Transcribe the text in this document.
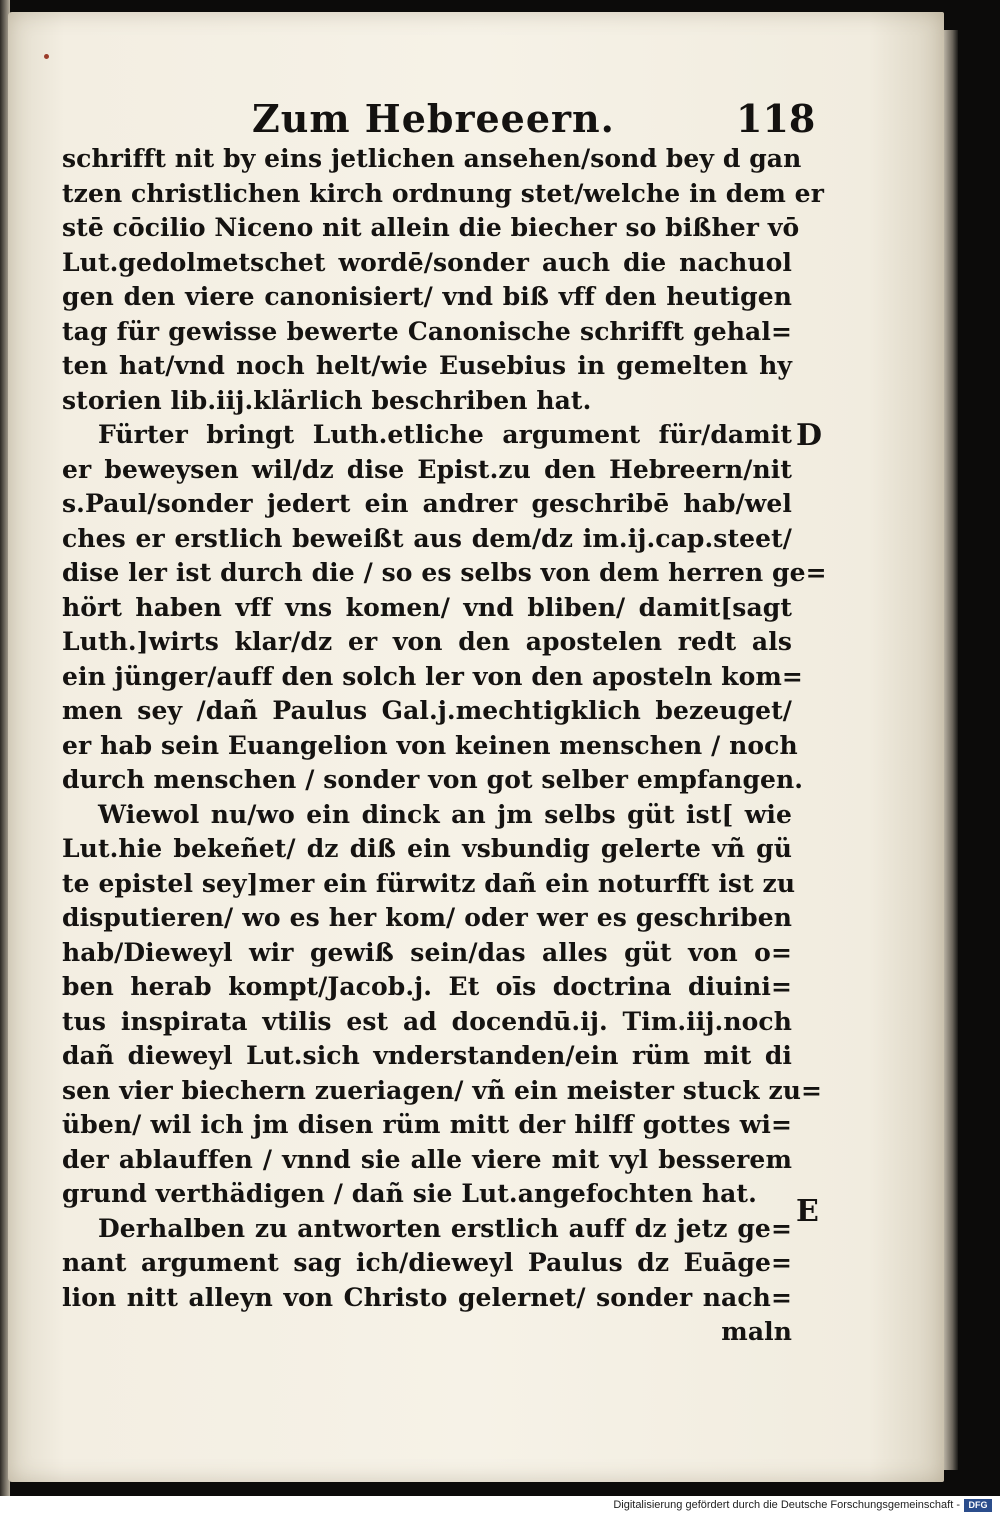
Zum Hebreeern.	118
schrifft nit by eins jetlichen ansehen/sond bey d gan
tzen christlichen kirch ordnung stet/welche in dem er
stē cōcilio Niceno nit allein die biecher so bißher vō
Lut.gedolmetschet wordē/sonder auch die nachuol
gen den viere canonisiert/ vnd biß vff den heutigen
tag für gewisse bewerte Canonische schrifft gehal=
ten hat/vnd noch helt/wie Eusebius in gemelten hy
storien lib.iij.klärlich beschriben hat.
Fürter bringt Luth.etliche argument für/damit
er beweysen wil/dz dise Epist.zu den Hebreern/nit
s.Paul/sonder jedert ein andrer geschribē hab/wel
ches er erstlich beweißt aus dem/dz im.ij.cap.steet/
dise ler ist durch die / so es selbs von dem herren ge=
hört haben vff vns komen/ vnd bliben/ damit[sagt
Luth.]wirts klar/dz er von den apostelen redt als
ein jünger/auff den solch ler von den aposteln kom=
men sey /dañ Paulus Gal.j.mechtigklich bezeuget/
er hab sein Euangelion von keinen menschen / noch
durch menschen / sonder von got selber empfangen.
Wiewol nu/wo ein dinck an jm selbs güt ist[ wie
Lut.hie bekeñet/ dz diß ein vsbundig gelerte vñ gü
te epistel sey]mer ein fürwitz dañ ein noturfft ist zu
disputieren/ wo es her kom/ oder wer es geschriben
hab/Dieweyl wir gewiß sein/das alles güt von o=
ben herab kompt/Jacob.j. Et oīs doctrina diuini=
tus inspirata vtilis est ad docendū.ij. Tim.iij.noch
dañ dieweyl Lut.sich vnderstanden/ein rüm mit di
sen vier biechern zueriagen/ vñ ein meister stuck zu=
üben/ wil ich jm disen rüm mitt der hilff gottes wi=
der ablauffen / vnnd sie alle viere mit vyl besserem
grund verthädigen / dañ sie Lut.angefochten hat.
Derhalben zu antworten erstlich auff dz jetz ge=
nant argument sag ich/dieweyl Paulus dz Euāge=
lion nitt alleyn von Christo gelernet/ sonder nach=
maln
D
E
Digitalisierung gefördert durch die Deutsche Forschungsgemeinschaft - DFG
